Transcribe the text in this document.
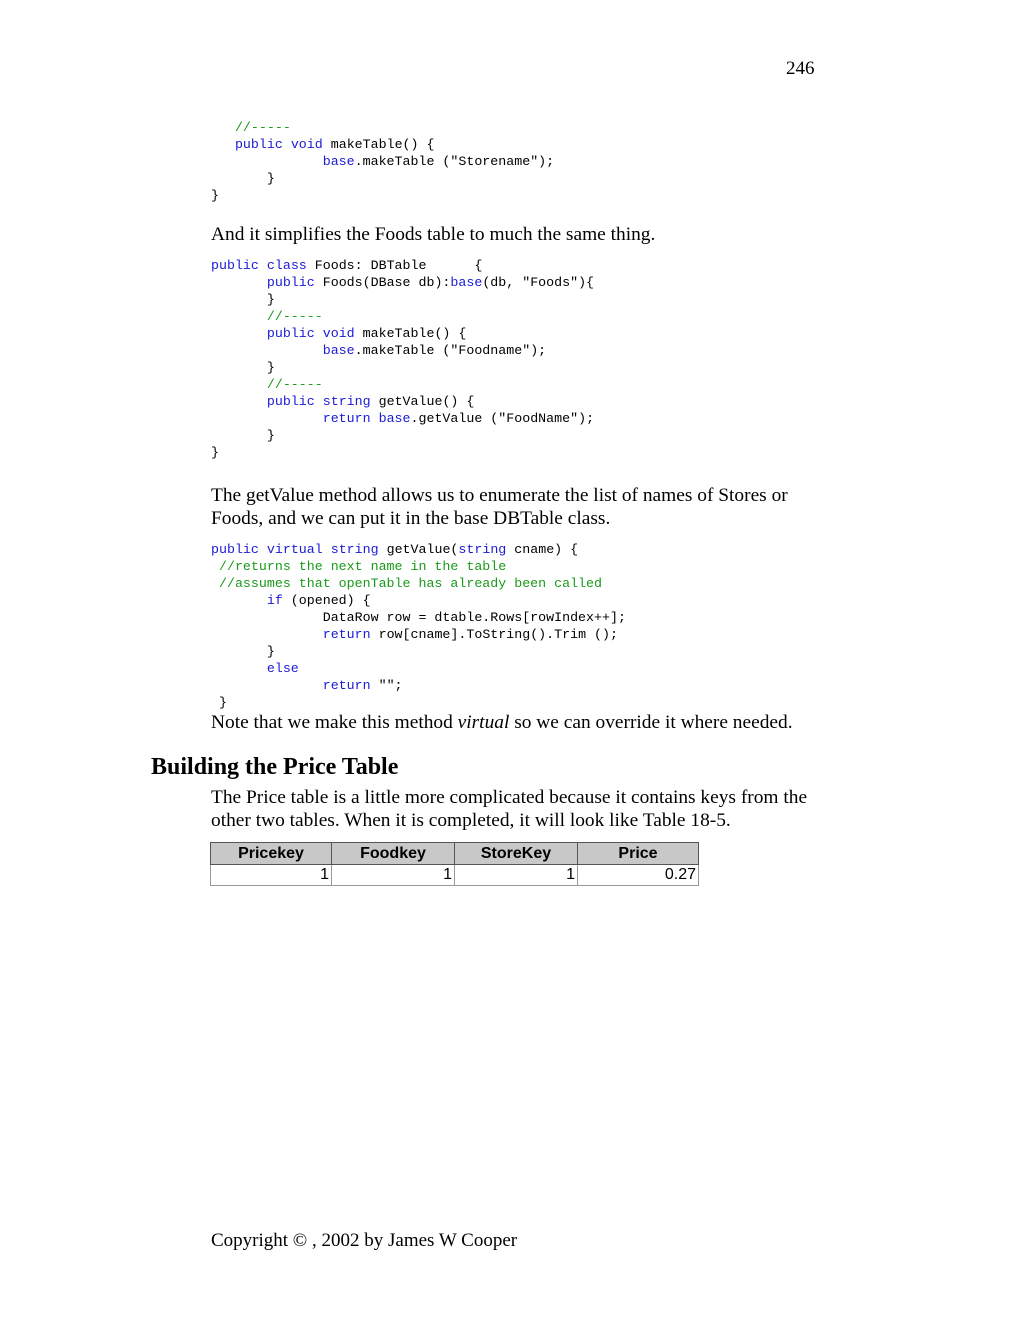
246
//-----
public void makeTable() {
base.makeTable ("Storename");
}
}

And it simplifies the Foods table to much the same thing.

public class Foods: DBTable      {
public Foods(DBase db):base(db, "Foods"){
}
//-----
public void makeTable() {
base.makeTable ("Foodname");
}
//-----
public string getValue() {
return base.getValue ("FoodName");
}
}

The getValue method allows us to enumerate the list of names of Stores or Foods, and we can put it in the base DBTable class.

public virtual string getValue(string cname) {
//returns the next name in the table
//assumes that openTable has already been called
if (opened) {
DataRow row = dtable.Rows[rowIndex++];
return row[cname].ToString().Trim ();
}
else
return "";
}

Note that we make this method virtual so we can override it where needed.

Building the Price Table

The Price table is a little more complicated because it contains keys from the other two tables. When it is completed, it will look like Table 18-5.

Pricekey	Foodkey	StoreKey	Price
1	1	1	0.27
Copyright © , 2002 by James W Cooper
